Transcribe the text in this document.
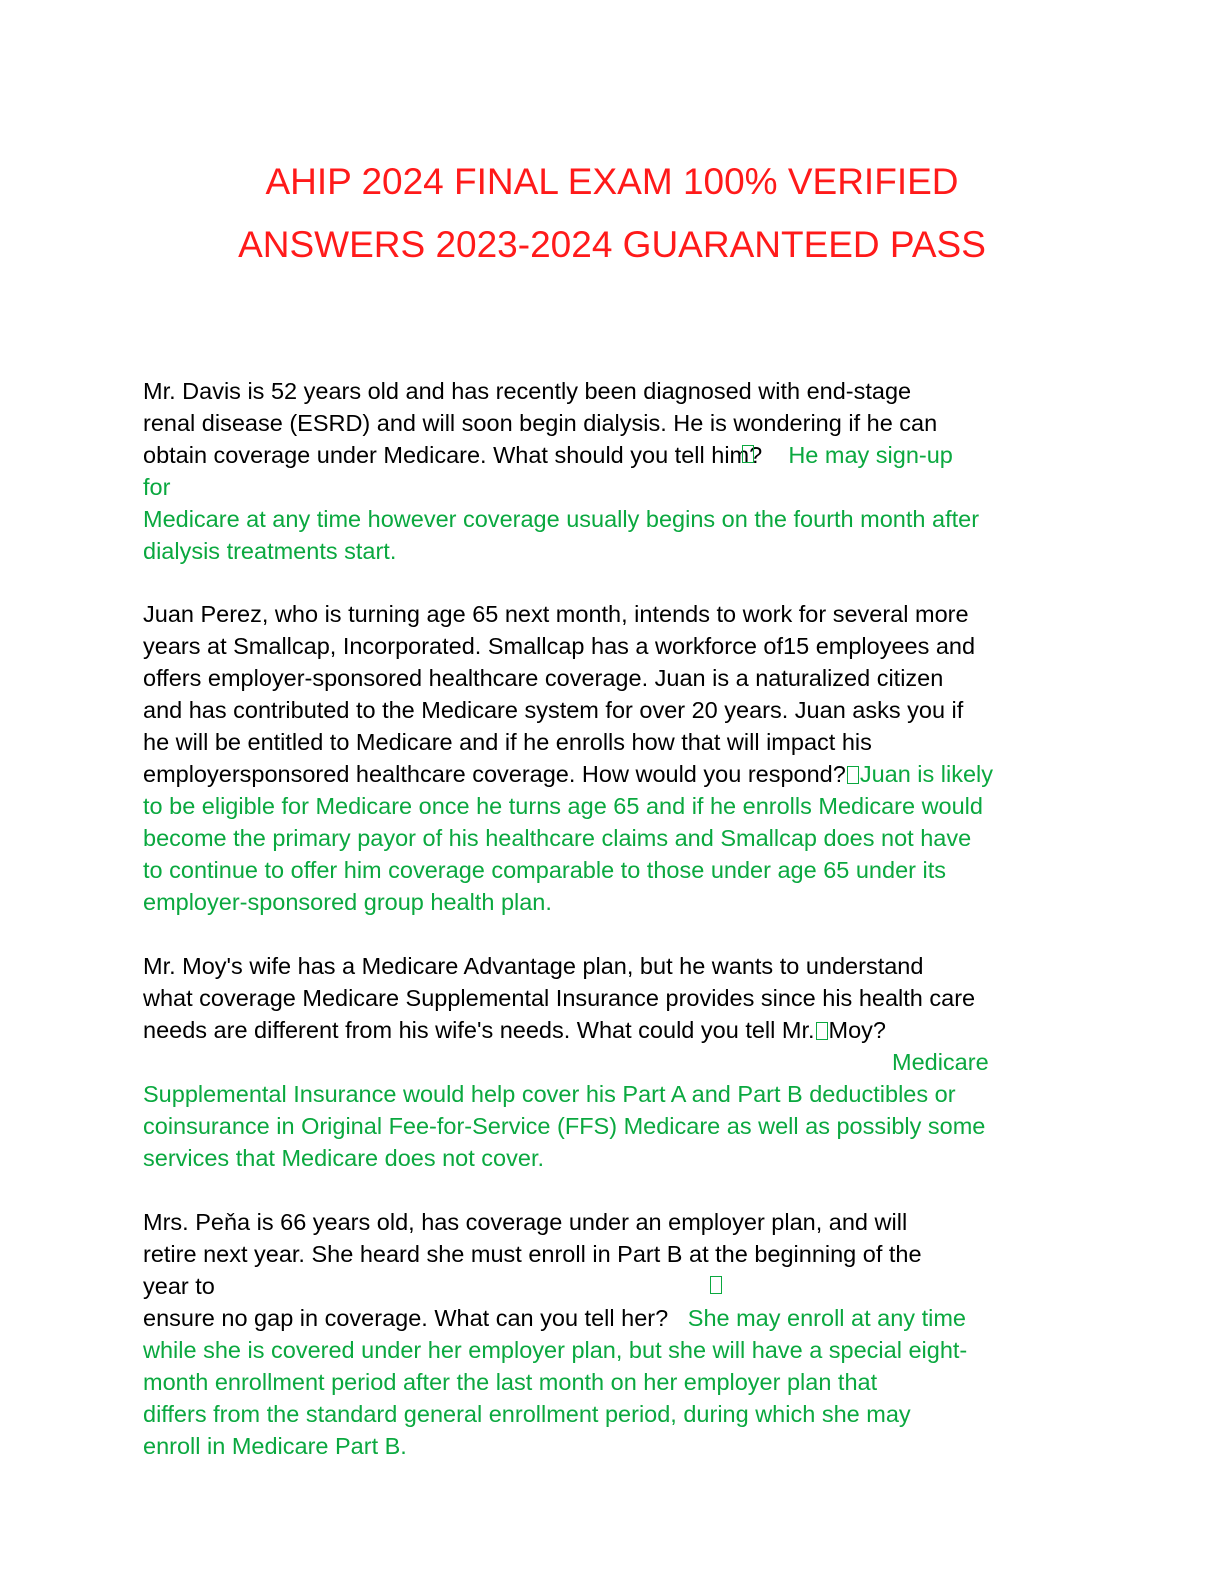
AHIP 2024 FINAL EXAM 100% VERIFIED
ANSWERS 2023-2024 GUARANTEED PASS
Mr. Davis is 52 years old and has recently been diagnosed with end-stage
renal disease (ESRD) and will soon begin dialysis. He is wondering if he can
obtain coverage under Medicare. What should you tell him? He may sign-up
for
Medicare at any time however coverage usually begins on the fourth month after
dialysis treatments start.
Juan Perez, who is turning age 65 next month, intends to work for several more
years at Smallcap, Incorporated. Smallcap has a workforce of15 employees and
offers employer-sponsored healthcare coverage. Juan is a naturalized citizen
and has contributed to the Medicare system for over 20 years. Juan asks you if
he will be entitled to Medicare and if he enrolls how that will impact his
employersponsored healthcare coverage. How would you respond? Juan is likely
to be eligible for Medicare once he turns age 65 and if he enrolls Medicare would
become the primary payor of his healthcare claims and Smallcap does not have
to continue to offer him coverage comparable to those under age 65 under its
employer-sponsored group health plan.
Mr. Moy's wife has a Medicare Advantage plan, but he wants to understand
what coverage Medicare Supplemental Insurance provides since his health care
needs are different from his wife's needs. What could you tell Mr. Moy?
Medicare
Supplemental Insurance would help cover his Part A and Part B deductibles or
coinsurance in Original Fee-for-Service (FFS) Medicare as well as possibly some
services that Medicare does not cover.
Mrs. Peňa is 66 years old, has coverage under an employer plan, and will
retire next year. She heard she must enroll in Part B at the beginning of the
year to
ensure no gap in coverage. What can you tell her? She may enroll at any time
while she is covered under her employer plan, but she will have a special eight-
month enrollment period after the last month on her employer plan that
differs from the standard general enrollment period, during which she may
enroll in Medicare Part B.
